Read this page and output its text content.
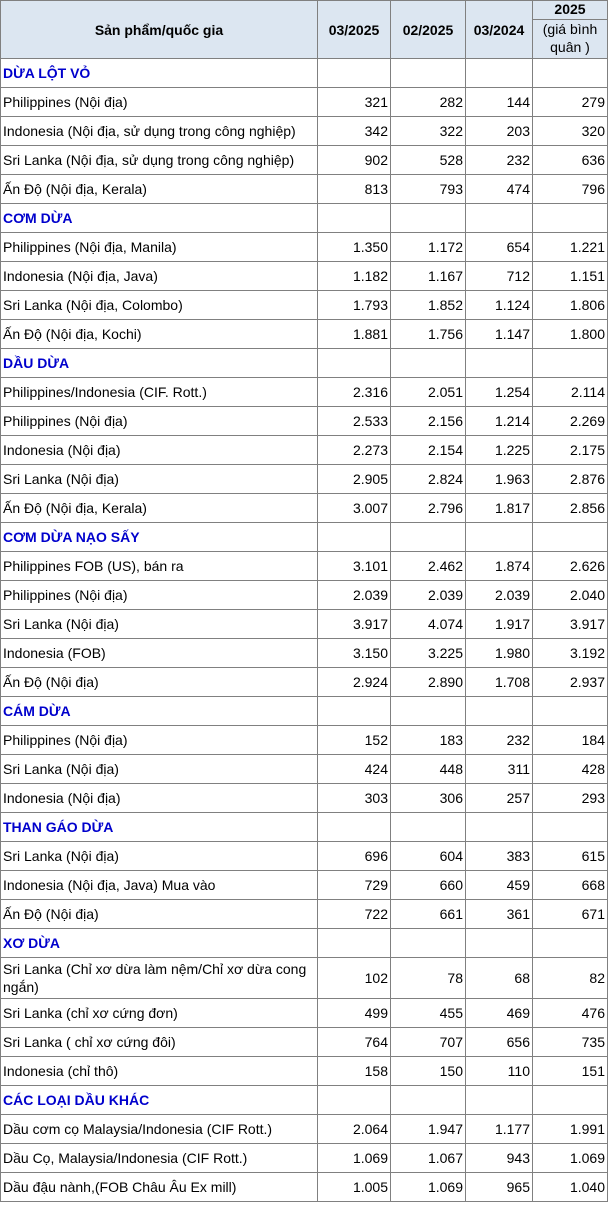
Sản phẩm/quốc gia	03/2025	02/2025	03/2024	2025
(giá bình quân )

DỪA LỘT VỎ				
Philippines (Nội địa)	321	282	144	279
Indonesia (Nội địa, sử dụng trong công nghiệp)	342	322	203	320
Sri Lanka (Nội địa, sử dụng trong công nghiệp)	902	528	232	636
Ấn Độ (Nội địa, Kerala)	813	793	474	796
CƠM DỪA				
Philippines (Nội địa, Manila)	1.350	1.172	654	1.221
Indonesia (Nội địa, Java)	1.182	1.167	712	1.151
Sri Lanka (Nội địa, Colombo)	1.793	1.852	1.124	1.806
Ấn Độ (Nội địa, Kochi)	1.881	1.756	1.147	1.800
DẦU DỪA				
Philippines/Indonesia (CIF. Rott.)	2.316	2.051	1.254	2.114
Philippines (Nội địa)	2.533	2.156	1.214	2.269
Indonesia (Nội địa)	2.273	2.154	1.225	2.175
Sri Lanka (Nội địa)	2.905	2.824	1.963	2.876
Ấn Độ (Nội địa, Kerala)	3.007	2.796	1.817	2.856
CƠM DỪA NẠO SẤY				
Philippines FOB (US), bán ra	3.101	2.462	1.874	2.626
Philippines (Nội địa)	2.039	2.039	2.039	2.040
Sri Lanka (Nội địa)	3.917	4.074	1.917	3.917
Indonesia (FOB)	3.150	3.225	1.980	3.192
Ấn Độ (Nội địa)	2.924	2.890	1.708	2.937
CÁM DỪA				
Philippines (Nội địa)	152	183	232	184
Sri Lanka (Nội địa)	424	448	311	428
Indonesia (Nội địa)	303	306	257	293
THAN GÁO DỪA				
Sri Lanka (Nội địa)	696	604	383	615
Indonesia (Nội địa, Java) Mua vào	729	660	459	668
Ấn Độ (Nội địa)	722	661	361	671
XƠ DỪA				
Sri Lanka (Chỉ xơ dừa làm nệm/Chỉ xơ dừa cong ngắn)	102	78	68	82
Sri Lanka (chỉ xơ cứng đơn)	499	455	469	476
Sri Lanka ( chỉ xơ cứng đôi)	764	707	656	735
Indonesia (chỉ thô)	158	150	110	151
CÁC LOẠI DẦU KHÁC				
Dầu cơm cọ Malaysia/Indonesia (CIF Rott.)	2.064	1.947	1.177	1.991
Dầu Cọ, Malaysia/Indonesia (CIF Rott.)	1.069	1.067	943	1.069
Dầu đậu nành,(FOB Châu Âu Ex mill)	1.005	1.069	965	1.040
